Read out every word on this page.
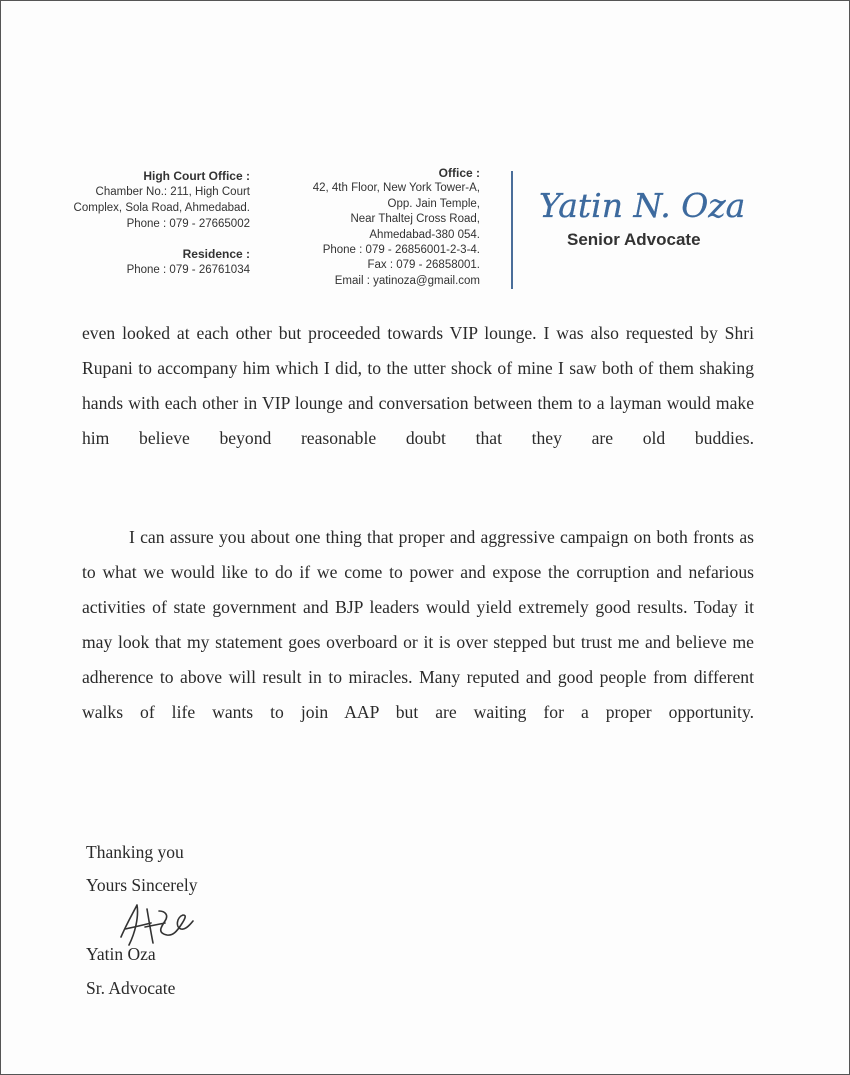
High Court Office :
Chamber No.: 211, High Court
Complex, Sola Road, Ahmedabad.
Phone : 079 - 27665002
Residence :
Phone : 079 - 26761034
Office :
42, 4th Floor, New York Tower-A,
Opp. Jain Temple,
Near Thaltej Cross Road,
Ahmedabad-380 054.
Phone : 079 - 26856001-2-3-4.
Fax : 079 - 26858001.
Email : yatinoza@gmail.com
Yatin N. Oza
Senior Advocate
even looked at each other but proceeded towards VIP lounge. I was also requested by Shri Rupani to accompany him which I did, to the utter shock of mine I saw both of them shaking hands with each other in VIP lounge and conversation between them to a layman would make him believe beyond reasonable doubt that they are old buddies.
I can assure you about one thing that proper and aggressive campaign on both fronts as to what we would like to do if we come to power and expose the corruption and nefarious activities of state government and BJP leaders would yield extremely good results. Today it may look that my statement goes overboard or it is over stepped but trust me and believe me adherence to above will result in to miracles. Many reputed and good people from different walks of life wants to join AAP but are waiting for a proper opportunity.
Thanking you
Yours Sincerely
Yatin Oza
Sr. Advocate
